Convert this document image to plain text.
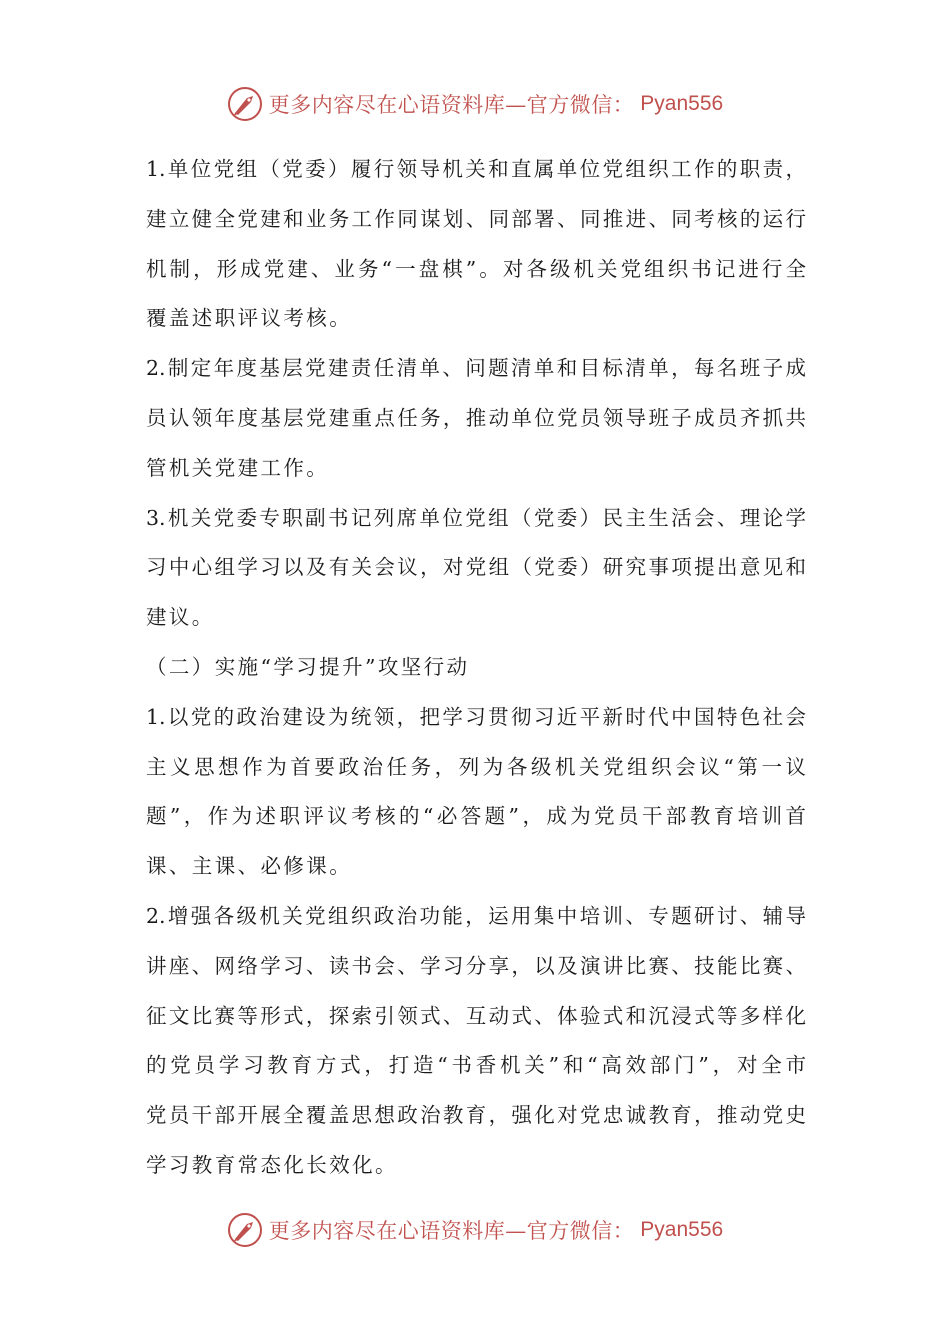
更多内容尽在心语资料库—官方微信： Pyan556
1.单位党组（党委）履行领导机关和直属单位党组织工作的职责，
建立健全党建和业务工作同谋划、同部署、同推进、同考核的运行
机制，形成党建、业务“一盘棋”。对各级机关党组织书记进行全
覆盖述职评议考核。
2.制定年度基层党建责任清单、问题清单和目标清单，每名班子成
员认领年度基层党建重点任务，推动单位党员领导班子成员齐抓共
管机关党建工作。
3.机关党委专职副书记列席单位党组（党委）民主生活会、理论学
习中心组学习以及有关会议，对党组（党委）研究事项提出意见和
建议。
（二）实施“学习提升”攻坚行动
1.以党的政治建设为统领，把学习贯彻习近平新时代中国特色社会
主义思想作为首要政治任务，列为各级机关党组织会议“第一议
题”，作为述职评议考核的“必答题”，成为党员干部教育培训首
课、主课、必修课。
2.增强各级机关党组织政治功能，运用集中培训、专题研讨、辅导
讲座、网络学习、读书会、学习分享，以及演讲比赛、技能比赛、
征文比赛等形式，探索引领式、互动式、体验式和沉浸式等多样化
的党员学习教育方式，打造“书香机关”和“高效部门”，对全市
党员干部开展全覆盖思想政治教育，强化对党忠诚教育，推动党史
学习教育常态化长效化。
更多内容尽在心语资料库—官方微信： Pyan556
